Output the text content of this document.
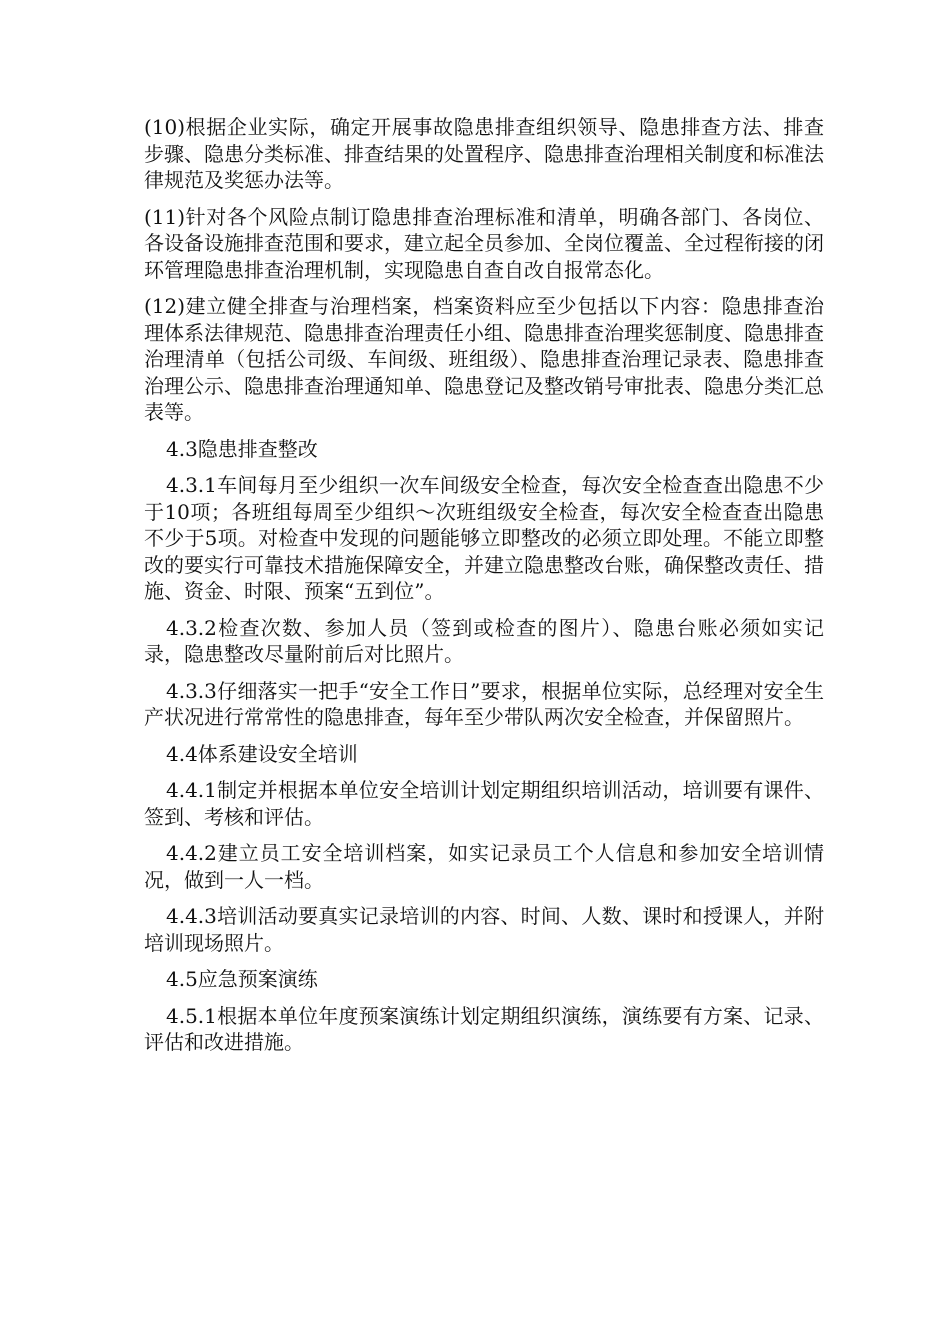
(10)根据企业实际，确定开展事故隐患排查组织领导、隐患排查方法、排查步骤、隐患分类标准、排查结果的处置程序、隐患排查治理相关制度和标准法律规范及奖惩办法等。

(11)针对各个风险点制订隐患排查治理标准和清单，明确各部门、各岗位、各设备设施排查范围和要求，建立起全员参加、全岗位覆盖、全过程衔接的闭环管理隐患排查治理机制，实现隐患自查自改自报常态化。

(12)建立健全排查与治理档案，档案资料应至少包括以下内容：隐患排查治理体系法律规范、隐患排查治理责任小组、隐患排查治理奖惩制度、隐患排查治理清单（包括公司级、车间级、班组级）、隐患排查治理记录表、隐患排查治理公示、隐患排查治理通知单、隐患登记及整改销号审批表、隐患分类汇总表等。

4.3隐患排查整改

4.3.1车间每月至少组织一次车间级安全检查，每次安全检查查出隐患不少于10项；各班组每周至少组织～次班组级安全检查，每次安全检查查出隐患不少于5项。对检查中发现的问题能够立即整改的必须立即处理。不能立即整改的要实行可靠技术措施保障安全，并建立隐患整改台账，确保整改责任、措施、资金、时限、预案“五到位”。

4.3.2检查次数、参加人员（签到或检查的图片）、隐患台账必须如实记录，隐患整改尽量附前后对比照片。

4.3.3仔细落实一把手“安全工作日”要求，根据单位实际，总经理对安全生产状况进行常常性的隐患排查，每年至少带队两次安全检查，并保留照片。

4.4体系建设安全培训

4.4.1制定并根据本单位安全培训计划定期组织培训活动，培训要有课件、签到、考核和评估。

4.4.2建立员工安全培训档案，如实记录员工个人信息和参加安全培训情况，做到一人一档。

4.4.3培训活动要真实记录培训的内容、时间、人数、课时和授课人，并附培训现场照片。

4.5应急预案演练

4.5.1根据本单位年度预案演练计划定期组织演练，演练要有方案、记录、评估和改进措施。
